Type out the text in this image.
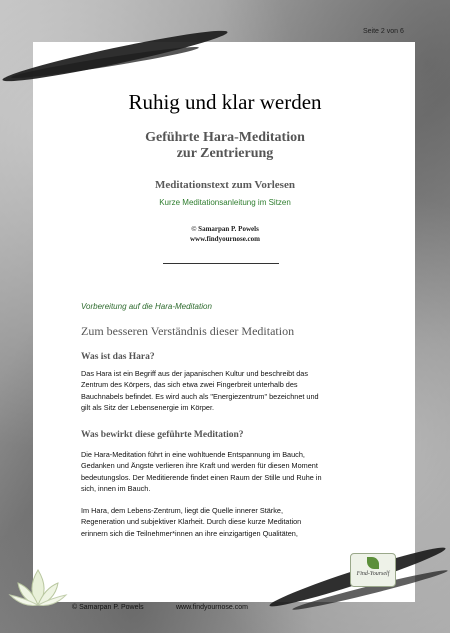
Seite 2 von 6
Ruhig und klar werden
Geführte Hara-Meditation
zur Zentrierung
Meditationstext zum Vorlesen
Kurze Meditationsanleitung im Sitzen
© Samarpan P. Powels
www.findyournose.com
Vorbereitung auf die Hara-Meditation
Zum besseren Verständnis dieser Meditation
Was ist das Hara?
Das Hara ist ein Begriff aus der japanischen Kultur und beschreibt das
Zentrum des Körpers, das sich etwa zwei Fingerbreit unterhalb des
Bauchnabels befindet. Es wird auch als "Energiezentrum" bezeichnet und
gilt als Sitz der Lebensenergie im Körper.
Was bewirkt diese geführte Meditation?
Die Hara-Meditation führt in eine wohltuende Entspannung im Bauch,
Gedanken und Ängste verlieren ihre Kraft und werden für diesen Moment
bedeutungslos. Der Meditierende findet einen Raum der Stille und Ruhe in
sich, innen im Bauch.
Im Hara, dem Lebens-Zentrum, liegt die Quelle innerer Stärke,
Regeneration und subjektiver Klarheit. Durch diese kurze Meditation
erinnern sich die Teilnehmer*innen an ihre einzigartigen Qualitäten,
Find-Yourself
© Samarpan P. Powels	www.findyournose.com
